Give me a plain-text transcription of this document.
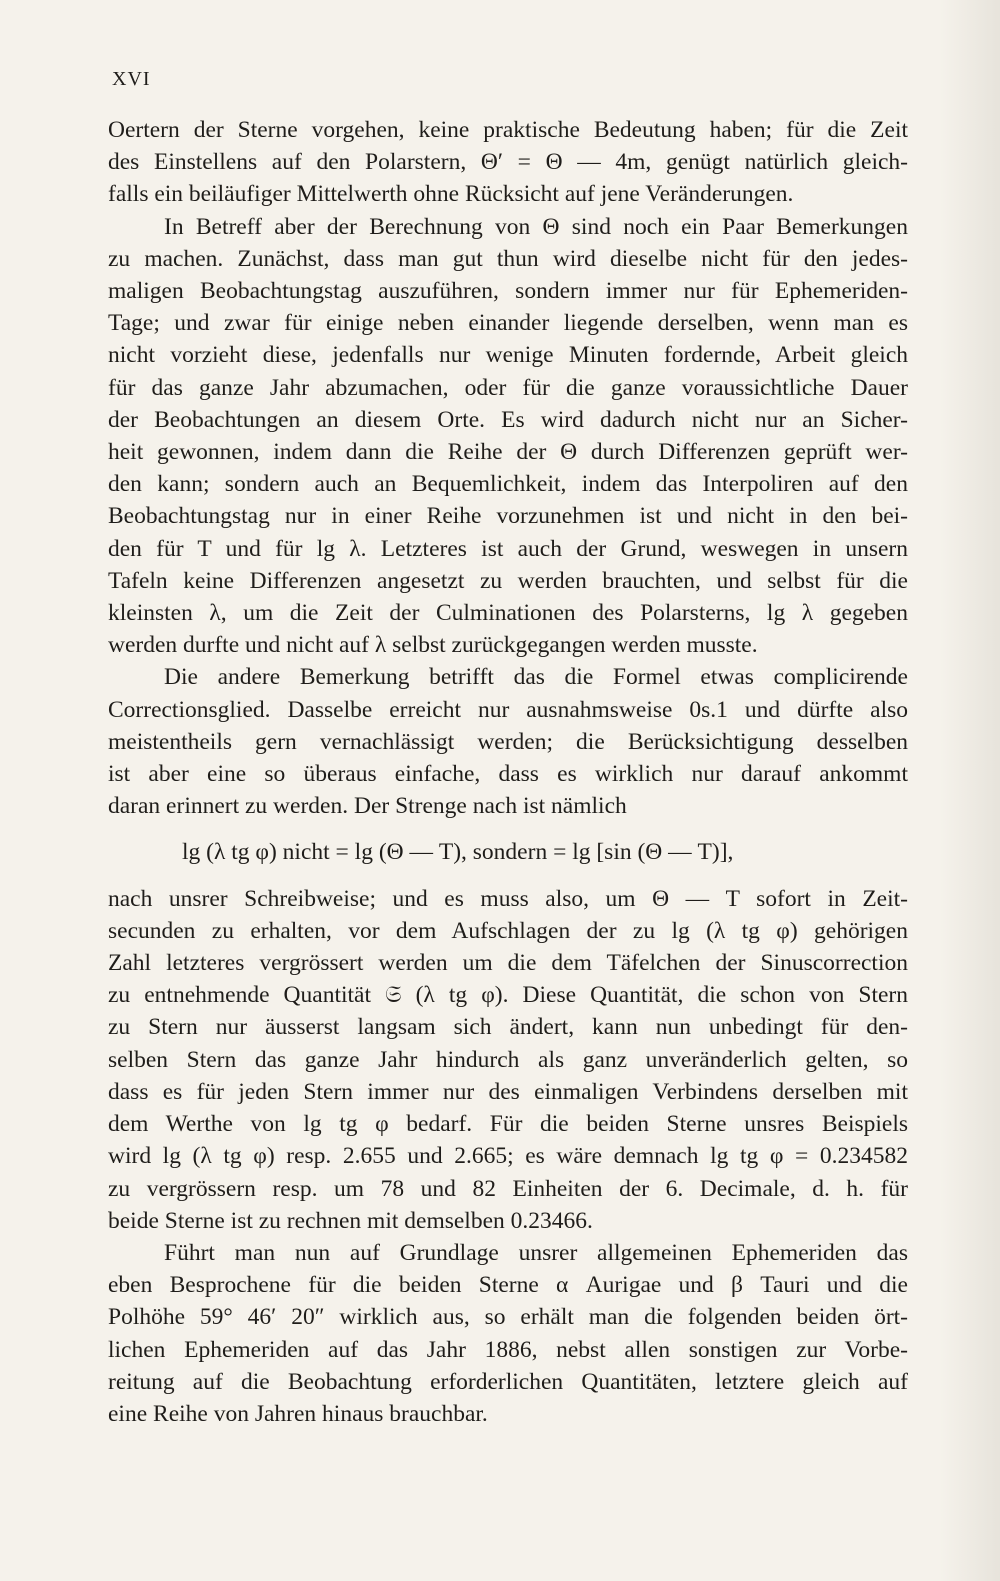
XVI

Oertern der Sterne vorgehen, keine praktische Bedeutung haben; für die Zeit
des Einstellens auf den Polarstern, Θ′ = Θ — 4m, genügt natürlich gleich-
falls ein beiläufiger Mittelwerth ohne Rücksicht auf jene Veränderungen.

In Betreff aber der Berechnung von Θ sind noch ein Paar Bemerkungen
zu machen. Zunächst, dass man gut thun wird dieselbe nicht für den jedes-
maligen Beobachtungstag auszuführen, sondern immer nur für Ephemeriden-
Tage; und zwar für einige neben einander liegende derselben, wenn man es
nicht vorzieht diese, jedenfalls nur wenige Minuten fordernde, Arbeit gleich
für das ganze Jahr abzumachen, oder für die ganze voraussichtliche Dauer
der Beobachtungen an diesem Orte. Es wird dadurch nicht nur an Sicher-
heit gewonnen, indem dann die Reihe der Θ durch Differenzen geprüft wer-
den kann; sondern auch an Bequemlichkeit, indem das Interpoliren auf den
Beobachtungstag nur in einer Reihe vorzunehmen ist und nicht in den bei-
den für T und für lg λ. Letzteres ist auch der Grund, weswegen in unsern
Tafeln keine Differenzen angesetzt zu werden brauchten, und selbst für die
kleinsten λ, um die Zeit der Culminationen des Polarsterns, lg λ gegeben
werden durfte und nicht auf λ selbst zurückgegangen werden musste.

Die andere Bemerkung betrifft das die Formel etwas complicirende
Correctionsglied. Dasselbe erreicht nur ausnahmsweise 0s.1 und dürfte also
meistentheils gern vernachlässigt werden; die Berücksichtigung desselben
ist aber eine so überaus einfache, dass es wirklich nur darauf ankommt
daran erinnert zu werden. Der Strenge nach ist nämlich

lg (λ tg φ) nicht = lg (Θ — T), sondern = lg [sin (Θ — T)],

nach unsrer Schreibweise; und es muss also, um Θ — T sofort in Zeit-
secunden zu erhalten, vor dem Aufschlagen der zu lg (λ tg φ) gehörigen
Zahl letzteres vergrössert werden um die dem Täfelchen der Sinuscorrection
zu entnehmende Quantität 𝔖 (λ tg φ). Diese Quantität, die schon von Stern
zu Stern nur äusserst langsam sich ändert, kann nun unbedingt für den-
selben Stern das ganze Jahr hindurch als ganz unveränderlich gelten, so
dass es für jeden Stern immer nur des einmaligen Verbindens derselben mit
dem Werthe von lg tg φ bedarf. Für die beiden Sterne unsres Beispiels
wird lg (λ tg φ) resp. 2.655 und 2.665; es wäre demnach lg tg φ = 0.234582
zu vergrössern resp. um 78 und 82 Einheiten der 6. Decimale, d. h. für
beide Sterne ist zu rechnen mit demselben 0.23466.

Führt man nun auf Grundlage unsrer allgemeinen Ephemeriden das
eben Besprochene für die beiden Sterne α Aurigae und β Tauri und die
Polhöhe 59° 46′ 20″ wirklich aus, so erhält man die folgenden beiden ört-
lichen Ephemeriden auf das Jahr 1886, nebst allen sonstigen zur Vorbe-
reitung auf die Beobachtung erforderlichen Quantitäten, letztere gleich auf
eine Reihe von Jahren hinaus brauchbar.
